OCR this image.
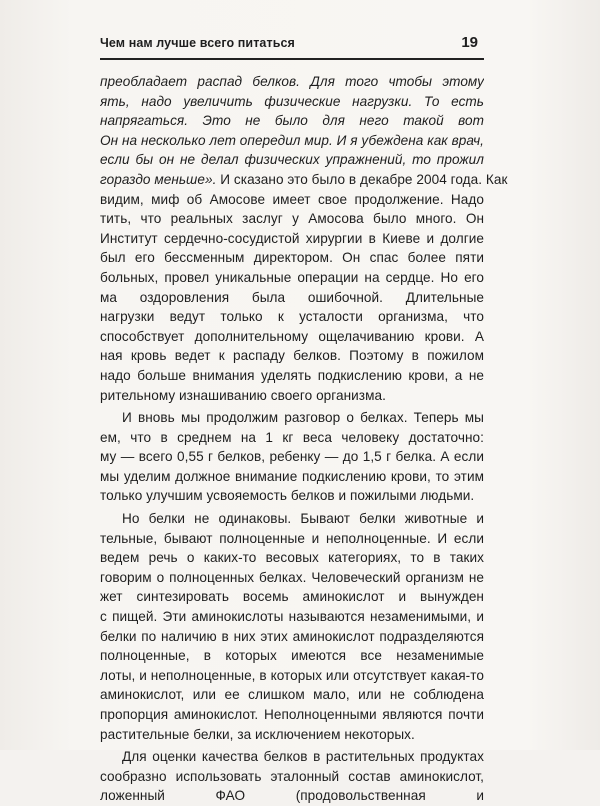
Чем нам лучше всего питаться	19
преобладает распад белков. Для того чтобы этому
ять, надо увеличить физические нагрузки. То есть
напрягаться. Это не было для него такой вот
Он на несколько лет опередил мир. И я убеждена как врач,
если бы он не делал физических упражнений, то прожил
гораздо меньше». И сказано это было в декабре 2004 года. Как
видим, миф об Амосове имеет свое продолжение. Надо
тить, что реальных заслуг у Амосова было много. Он
Институт сердечно-сосудистой хирургии в Киеве и долгие
был его бессменным директором. Он спас более пяти
больных, провел уникальные операции на сердце. Но его
ма оздоровления была ошибочной. Длительные
нагрузки ведут только к усталости организма, что
способствует дополнительному ощелачиванию крови. А
ная кровь ведет к распаду белков. Поэтому в пожилом
надо больше внимания уделять подкислению крови, а не
рительному изнашиванию своего организма.
И вновь мы продолжим разговор о белках. Теперь мы
ем, что в среднем на 1 кг веса человеку достаточно:
му — всего 0,55 г белков, ребенку — до 1,5 г белка. А если
мы уделим должное внимание подкислению крови, то этим
только улучшим усвояемость белков и пожилыми людьми.
Но белки не одинаковы. Бывают белки животные и
тельные, бывают полноценные и неполноценные. И если
ведем речь о каких-то весовых категориях, то в таких
говорим о полноценных белках. Человеческий организм не
жет синтезировать восемь аминокислот и вынужден
с пищей. Эти аминокислоты называются незаменимыми, и
белки по наличию в них этих аминокислот подразделяются
полноценные, в которых имеются все незаменимые
лоты, и неполноценные, в которых или отсутствует какая-то
аминокислот, или ее слишком мало, или не соблюдена
пропорция аминокислот. Неполноценными являются почти
растительные белки, за исключением некоторых.
Для оценки качества белков в растительных продуктах
сообразно использовать эталонный состав аминокислот,
ложенный ФАО (продовольственная и
